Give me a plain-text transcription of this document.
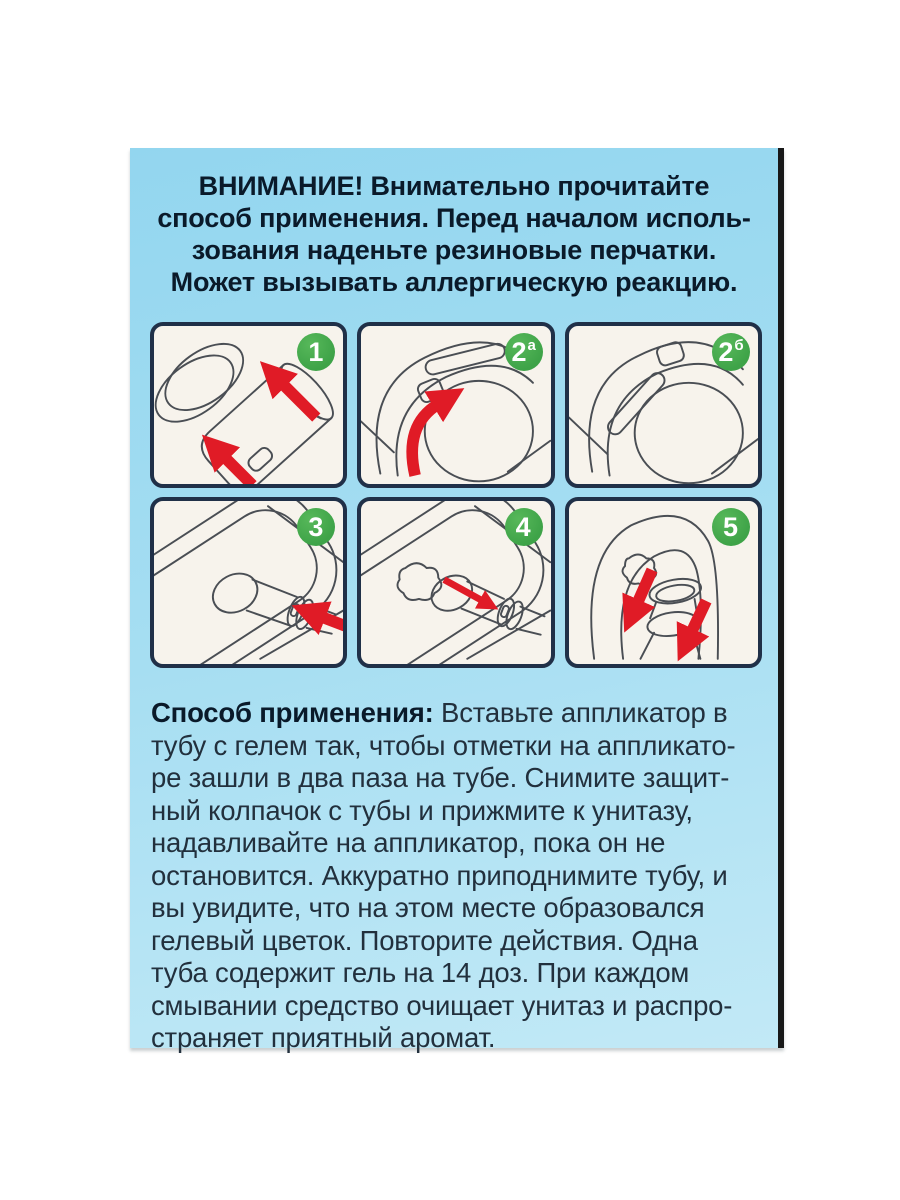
ВНИМАНИЕ! Внимательно прочитайте
способ применения. Перед началом исполь-
зования наденьте резиновые перчатки.
Может вызывать аллергическую реакцию.
1	2 а	2 б
3	4	5
Способ применения: Вставьте аппликатор в
тубу с гелем так, чтобы отметки на аппликато-
ре зашли в два паза на тубе. Снимите защит-
ный колпачок с тубы и прижмите к унитазу,
надавливайте на аппликатор, пока он не
остановится. Аккуратно приподнимите тубу, и
вы увидите, что на этом месте образовался
гелевый цветок. Повторите действия. Одна
туба содержит гель на 14 доз. При каждом
смывании средство очищает унитаз и распро-
страняет приятный аромат.
